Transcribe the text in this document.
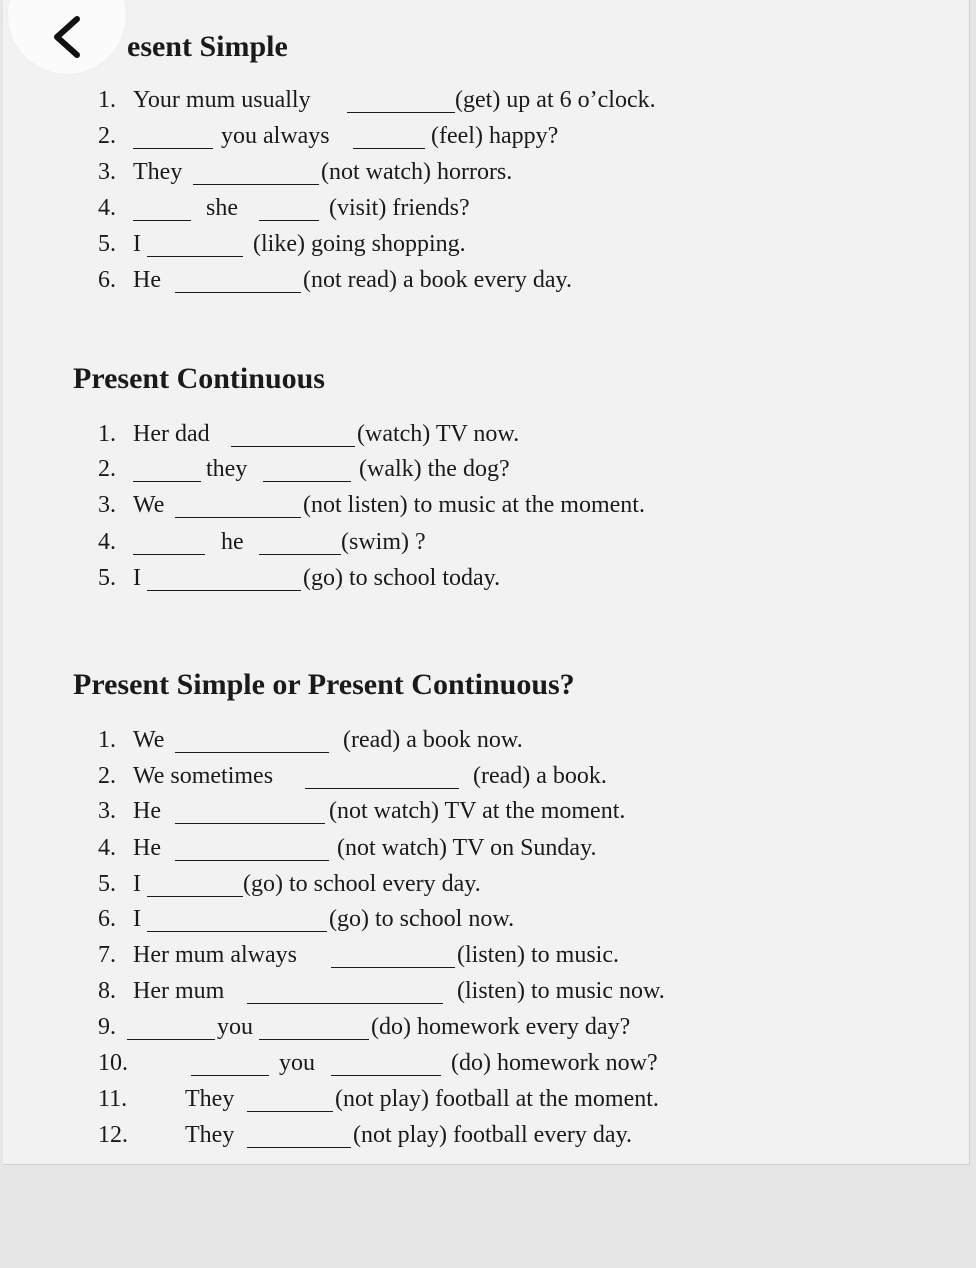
esent Simple

1.

Your mum usually

	(get) up at 6 o’clock.

2.

	you always

	(feel) happy?

3.

They

	(not watch) horrors.

4.

	she

	(visit) friends?

5.

I

	(like) going shopping.

6.

He

	(not read) a book every day.

Present Continuous

1.

Her dad

	(watch) TV now.

2.

	they

	(walk) the dog?

3.

We

	(not listen) to music at the moment.

4.

	he

	(swim) ?

5.

I

	(go) to school today.

Present Simple or Present Continuous?

1.

We

	(read) a book now.

2.

We sometimes

	(read) a book.

3.

He

	(not watch) TV at the moment.

4.

He

	(not watch) TV on Sunday.

5.

I

	(go) to school every day.

6.

I

	(go) to school now.

7.

Her mum always

	(listen) to music.

8.

Her mum

	(listen) to music now.

9.

	you

	(do) homework every day?

10.

	you

	(do) homework now?

11.

They

	(not play) football at the moment.

12.

They

	(not play) football every day.
